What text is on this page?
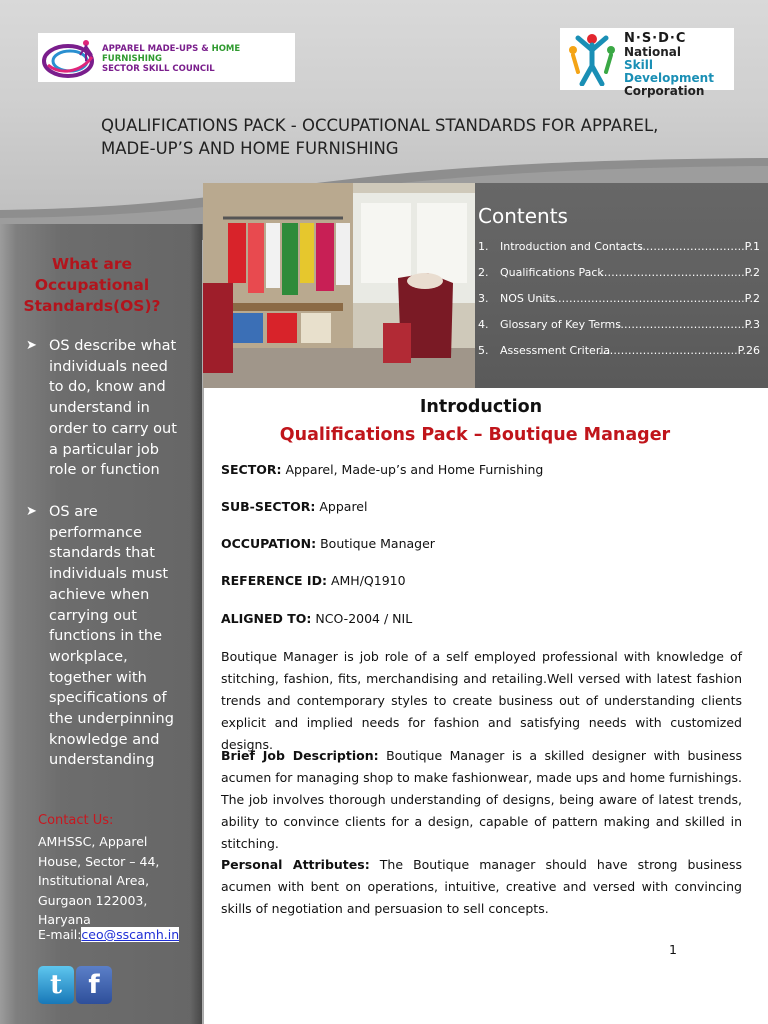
APPAREL MADE-UPS & HOME FURNISHING
SECTOR SKILL COUNCIL
N·S·D·C
National
Skill Development
Corporation
QUALIFICATIONS PACK - OCCUPATIONAL STANDARDS FOR APPAREL,
MADE-UP’S AND HOME FURNISHING
What are Occupational Standards(OS)?
➤ OS describe what individuals need to do, know and understand in order to carry out a particular job role or function
➤ OS are performance standards that individuals must achieve when carrying out functions in the workplace, together with specifications of the underpinning knowledge and understanding
Contact Us:
AMHSSC, Apparel House, Sector – 44, Institutional Area, Gurgaon 122003, Haryana
E-mail:ceo@sscamh.in
t	f
Contents
1. Introduction and Contacts
………………………..P.1
2. Qualifications Pack
……………………….............P.2
3. NOS Units
………………………………………………..P.2
4. Glossary of Key Terms
……………………………..P.3
5. Assessment Criteria
………………………………..P.26
Introduction
Qualifications Pack – Boutique Manager
SECTOR: Apparel, Made-up’s and Home Furnishing
SUB-SECTOR: Apparel
OCCUPATION: Boutique Manager
REFERENCE ID: AMH/Q1910
ALIGNED TO: NCO-2004 / NIL
Boutique Manager is job role of a self employed professional with knowledge of stitching, fashion, fits, merchandising and retailing.Well versed with latest fashion trends and contemporary styles to create business out of understanding clients explicit and implied needs for fashion and satisfying needs with customized designs.
Brief Job Description: Boutique Manager is a skilled designer with business acumen for managing shop to make fashionwear, made ups and home furnishings. The job involves thorough understanding of designs, being aware of latest trends, ability to convince clients for a design, capable of pattern making and skilled in stitching.
Personal Attributes: The Boutique manager should have strong business acumen with bent on operations, intuitive, creative and versed with convincing skills of negotiation and persuasion to sell concepts.
1
